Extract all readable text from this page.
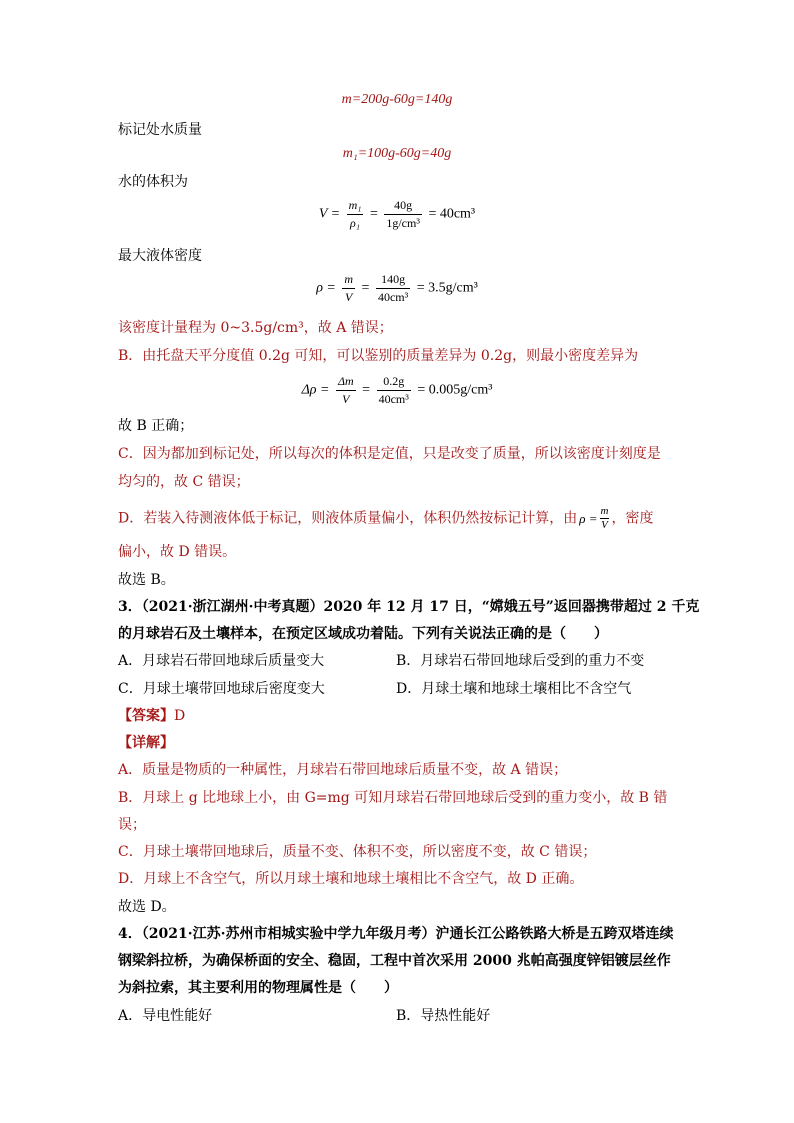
m=200g-60g=140g
标记处水质量
m₁=100g-60g=40g
水的体积为
$V = \frac{\text{m₁}}{\text{ρ₁}} = \frac{40g}{\text{1g/cm³}} = 40cm^3$
最大液体密度
$\rho = \frac{m}{V} = \frac{140g}{\text{40cm³}} = 3.5g/cm^3$
该密度计量程为 0~3.5g/cm³，故 A 错误；
B．由托盘天平分度值 0.2g 可知，可以鉴别的质量差异为 0.2g，则最小密度差异为
$\Delta\rho = \frac{\Delta m}{V} = \frac{0.2g}{\text{40cm³}} = 0.005g/cm^3$
故 B 正确；
C．因为都加到标记处，所以每次的体积是定值，只是改变了质量，所以该密度计刻度是
均匀的，故 C 错误；
D．若装入待测液体低于标记，则液体质量偏小，体积仍然按标记计算，由 $\rho = \frac{m}{V}$ ，密度
偏小，故 D 错误。
故选 B。
3．（2021·浙江湖州·中考真题）2020 年 12 月 17 日，“嫦娥五号”返回器携带超过 2 千克
的月球岩石及土壤样本，在预定区域成功着陆。下列有关说法正确的是（　　）
A．月球岩石带回地球后质量变大	B．月球岩石带回地球后受到的重力不变
C．月球土壤带回地球后密度变大	D．月球土壤和地球土壤相比不含空气
【答案】D
【详解】
A．质量是物质的一种属性，月球岩石带回地球后质量不变，故 A 错误；
B．月球上 g 比地球上小，由 G=mg 可知月球岩石带回地球后受到的重力变小，故 B 错
误；
C．月球土壤带回地球后，质量不变、体积不变，所以密度不变，故 C 错误；
D．月球上不含空气，所以月球土壤和地球土壤相比不含空气，故 D 正确。
故选 D。
4．（2021·江苏·苏州市相城实验中学九年级月考）沪通长江公路铁路大桥是五跨双塔连续
钢梁斜拉桥，为确保桥面的安全、稳固，工程中首次采用 2000 兆帕高强度锌铝镀层丝作
为斜拉索，其主要利用的物理属性是（　　）
A．导电性能好	B．导热性能好
